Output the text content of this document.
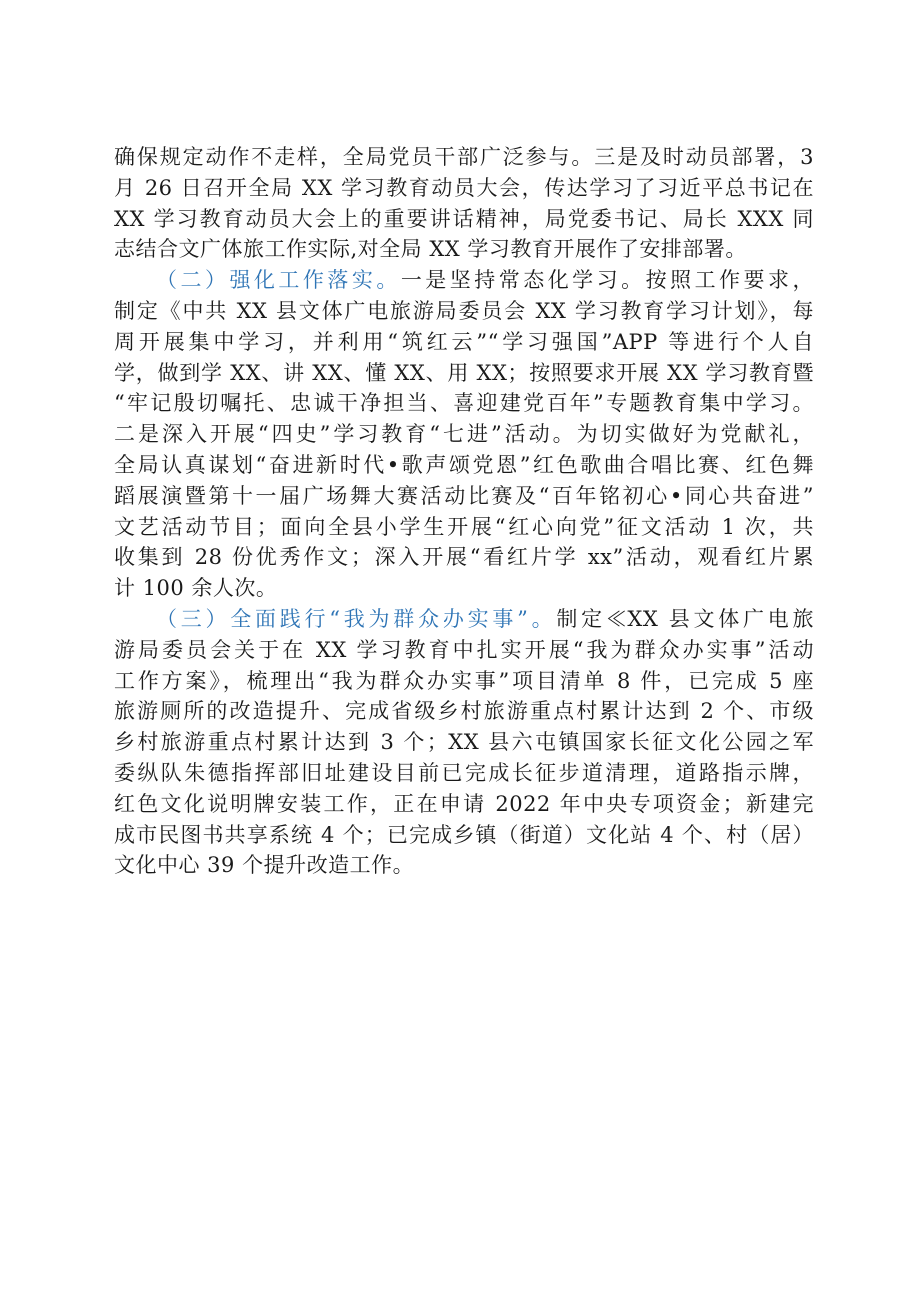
确保规定动作不走样，全局党员干部广泛参与。三是及时动员部署，3
月 26 日召开全局 XX 学习教育动员大会，传达学习了习近平总书记在
XX 学习教育动员大会上的重要讲话精神，局党委书记、局长 XXX 同
志结合文广体旅工作实际,对全局 XX 学习教育开展作了安排部署。
（二）强化工作落实。一是坚持常态化学习。按照工作要求，
制定《中共 XX 县文体广电旅游局委员会 XX 学习教育学习计划》，每
周开展集中学习，并利用“筑红云”“学习强国”APP 等进行个人自
学，做到学 XX、讲 XX、懂 XX、用 XX；按照要求开展 XX 学习教育暨
“牢记殷切嘱托、忠诚干净担当、喜迎建党百年”专题教育集中学习。
二是深入开展“四史”学习教育“七进”活动。为切实做好为党献礼，
全局认真谋划“奋进新时代•歌声颂党恩”红色歌曲合唱比赛、红色舞
蹈展演暨第十一届广场舞大赛活动比赛及“百年铭初心•同心共奋进”
文艺活动节目；面向全县小学生开展“红心向党”征文活动 1 次，共
收集到 28 份优秀作文；深入开展“看红片学 xx”活动，观看红片累
计 100 余人次。
（三）全面践行“我为群众办实事”。制定≪XX 县文体广电旅
游局委员会关于在 XX 学习教育中扎实开展“我为群众办实事”活动
工作方案》，梳理出“我为群众办实事”项目清单 8 件，已完成 5 座
旅游厕所的改造提升、完成省级乡村旅游重点村累计达到 2 个、市级
乡村旅游重点村累计达到 3 个；XX 县六屯镇国家长征文化公园之军
委纵队朱德指挥部旧址建设目前已完成长征步道清理，道路指示牌，
红色文化说明牌安装工作，正在申请 2022 年中央专项资金；新建完
成市民图书共享系统 4 个；已完成乡镇（街道）文化站 4 个、村（居）
文化中心 39 个提升改造工作。
